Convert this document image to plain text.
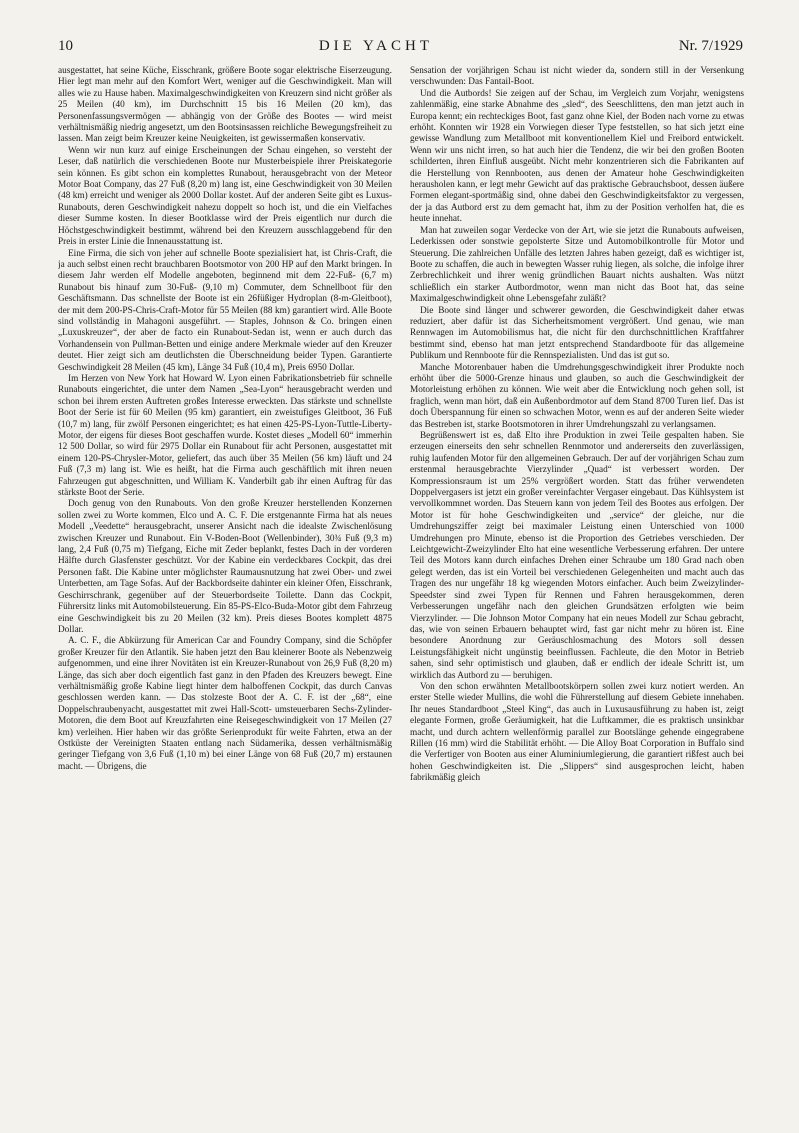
10	DIE YACHT	Nr. 7/1929

ausgestattet, hat seine Küche, Eisschrank, größere Boote sogar elektrische Eiserzeugung. Hier legt man mehr auf den Komfort Wert, weniger auf die Geschwindigkeit. Man will alles wie zu Hause haben. Maximalgeschwindigkeiten von Kreuzern sind nicht größer als 25 Meilen (40 km), im Durchschnitt 15 bis 16 Meilen (20 km), das Personenfassungsvermögen — abhängig von der Größe des Bootes — wird meist verhältnismäßig niedrig angesetzt, um den Bootsinsassen reichliche Bewegungsfreiheit zu lassen. Man zeigt beim Kreuzer keine Neuigkeiten, ist gewissermaßen konservativ.

Wenn wir nun kurz auf einige Erscheinungen der Schau eingehen, so versteht der Leser, daß natürlich die verschiedenen Boote nur Musterbeispiele ihrer Preiskategorie sein können. Es gibt schon ein komplettes Runabout, herausgebracht von der Meteor Motor Boat Company, das 27 Fuß (8,20 m) lang ist, eine Geschwindigkeit von 30 Meilen (48 km) erreicht und weniger als 2000 Dollar kostet. Auf der anderen Seite gibt es Luxus-Runabouts, deren Geschwindigkeit nahezu doppelt so hoch ist, und die ein Vielfaches dieser Summe kosten. In dieser Bootklasse wird der Preis eigentlich nur durch die Höchstgeschwindigkeit bestimmt, während bei den Kreuzern ausschlaggebend für den Preis in erster Linie die Innenausstattung ist.

Eine Firma, die sich von jeher auf schnelle Boote spezialisiert hat, ist Chris-Craft, die ja auch selbst einen recht brauchbaren Bootsmotor von 200 HP auf den Markt bringen. In diesem Jahr werden elf Modelle angeboten, beginnend mit dem 22-Fuß- (6,7 m) Runabout bis hinauf zum 30-Fuß- (9,10 m) Commuter, dem Schnellboot für den Geschäftsmann. Das schnellste der Boote ist ein 26füßiger Hydroplan (8-m-Gleitboot), der mit dem 200-PS-Chris-Craft-Motor für 55 Meilen (88 km) garantiert wird. Alle Boote sind vollständig in Mahagoni ausgeführt. — Staples, Johnson & Co. bringen einen „Luxuskreuzer“, der aber de facto ein Runabout-Sedan ist, wenn er auch durch das Vorhandensein von Pullman-Betten und einige andere Merkmale wieder auf den Kreuzer deutet. Hier zeigt sich am deutlichsten die Überschneidung beider Typen. Garantierte Geschwindigkeit 28 Meilen (45 km), Länge 34 Fuß (10,4 m), Preis 6950 Dollar.

Im Herzen von New York hat Howard W. Lyon einen Fabrikationsbetrieb für schnelle Runabouts eingerichtet, die unter dem Namen „Sea-Lyon“ herausgebracht werden und schon bei ihrem ersten Auftreten großes Interesse erweckten. Das stärkste und schnellste Boot der Serie ist für 60 Meilen (95 km) garantiert, ein zweistufiges Gleitboot, 36 Fuß (10,7 m) lang, für zwölf Personen eingerichtet; es hat einen 425-PS-Lyon-Tuttle-Liberty-Motor, der eigens für dieses Boot geschaffen wurde. Kostet dieses „Modell 60“ immerhin 12 500 Dollar, so wird für 2975 Dollar ein Runabout für acht Personen, ausgestattet mit einem 120-PS-Chrysler-Motor, geliefert, das auch über 35 Meilen (56 km) läuft und 24 Fuß (7,3 m) lang ist. Wie es heißt, hat die Firma auch geschäftlich mit ihren neuen Fahrzeugen gut abgeschnitten, und William K. Vanderbilt gab ihr einen Auftrag für das stärkste Boot der Serie.

Doch genug von den Runabouts. Von den große Kreuzer herstellenden Konzernen sollen zwei zu Worte kommen, Elco und A. C. F. Die erstgenannte Firma hat als neues Modell „Veedette“ herausgebracht, unserer Ansicht nach die idealste Zwischenlösung zwischen Kreuzer und Runabout. Ein V-Boden-Boot (Wellenbinder), 30¾ Fuß (9,3 m) lang, 2,4 Fuß (0,75 m) Tiefgang, Eiche mit Zeder beplankt, festes Dach in der vorderen Hälfte durch Glasfenster geschützt. Vor der Kabine ein verdeckbares Cockpit, das drei Personen faßt. Die Kabine unter möglichster Raumausnutzung hat zwei Ober- und zwei Unterbetten, am Tage Sofas. Auf der Backbordseite dahinter ein kleiner Ofen, Eisschrank, Geschirrschrank, gegenüber auf der Steuerbordseite Toilette. Dann das Cockpit, Führersitz links mit Automobilsteuerung. Ein 85-PS-Elco-Buda-Motor gibt dem Fahrzeug eine Geschwindigkeit bis zu 20 Meilen (32 km). Preis dieses Bootes komplett 4875 Dollar.

A. C. F., die Abkürzung für American Car and Foundry Company, sind die Schöpfer großer Kreuzer für den Atlantik. Sie haben jetzt den Bau kleinerer Boote als Nebenzweig aufgenommen, und eine ihrer Novitäten ist ein Kreuzer-Runabout von 26,9 Fuß (8,20 m) Länge, das sich aber doch eigentlich fast ganz in den Pfaden des Kreuzers bewegt. Eine verhältnismäßig große Kabine liegt hinter dem halboffenen Cockpit, das durch Canvas geschlossen werden kann. — Das stolzeste Boot der A. C. F. ist der „68“, eine Doppelschraubenyacht, ausgestattet mit zwei Hall-Scott- umsteuerbaren Sechs-Zylinder-Motoren, die dem Boot auf Kreuzfahrten eine Reisegeschwindigkeit von 17 Meilen (27 km) verleihen. Hier haben wir das größte Serienprodukt für weite Fahrten, etwa an der Ostküste der Vereinigten Staaten entlang nach Südamerika, dessen verhältnismäßig geringer Tiefgang von 3,6 Fuß (1,10 m) bei einer Länge von 68 Fuß (20,7 m) erstaunen macht. — Übrigens, die

Sensation der vorjährigen Schau ist nicht wieder da, sondern still in der Versenkung verschwunden: Das Fantail-Boot.

Und die Autbords! Sie zeigen auf der Schau, im Vergleich zum Vorjahr, wenigstens zahlenmäßig, eine starke Abnahme des „sled“, des Seeschlittens, den man jetzt auch in Europa kennt; ein rechteckiges Boot, fast ganz ohne Kiel, der Boden nach vorne zu etwas erhöht. Konnten wir 1928 ein Vorwiegen dieser Type feststellen, so hat sich jetzt eine gewisse Wandlung zum Metallboot mit konventionellem Kiel und Freibord entwickelt. Wenn wir uns nicht irren, so hat auch hier die Tendenz, die wir bei den großen Booten schilderten, ihren Einfluß ausgeübt. Nicht mehr konzentrieren sich die Fabrikanten auf die Herstellung von Rennbooten, aus denen der Amateur hohe Geschwindigkeiten herausholen kann, er legt mehr Gewicht auf das praktische Gebrauchsboot, dessen äußere Formen elegant-sportmäßig sind, ohne dabei den Geschwindigkeitsfaktor zu vergessen, der ja das Autbord erst zu dem gemacht hat, ihm zu der Position verholfen hat, die es heute innehat.

Man hat zuweilen sogar Verdecke von der Art, wie sie jetzt die Runabouts aufweisen, Lederkissen oder sonstwie gepolsterte Sitze und Automobilkontrolle für Motor und Steuerung. Die zahlreichen Unfälle des letzten Jahres haben gezeigt, daß es wichtiger ist, Boote zu schaffen, die auch in bewegten Wasser ruhig liegen, als solche, die infolge ihrer Zerbrechlichkeit und ihrer wenig gründlichen Bauart nichts aushalten. Was nützt schließlich ein starker Autbordmotor, wenn man nicht das Boot hat, das seine Maximalgeschwindigkeit ohne Lebensgefahr zuläßt?

Die Boote sind länger und schwerer geworden, die Geschwindigkeit daher etwas reduziert, aber dafür ist das Sicherheitsmoment vergrößert. Und genau, wie man Rennwagen im Automobilismus hat, die nicht für den durchschnittlichen Kraftfahrer bestimmt sind, ebenso hat man jetzt entsprechend Standardboote für das allgemeine Publikum und Rennboote für die Rennspezialisten. Und das ist gut so.

Manche Motorenbauer haben die Umdrehungsgeschwindigkeit ihrer Produkte noch erhöht über die 5000-Grenze hinaus und glauben, so auch die Geschwindigkeit der Motorleistung erhöhen zu können. Wie weit aber die Entwicklung noch gehen soll, ist fraglich, wenn man hört, daß ein Außenbordmotor auf dem Stand 8700 Turen lief. Das ist doch Überspannung für einen so schwachen Motor, wenn es auf der anderen Seite wieder das Bestreben ist, starke Bootsmotoren in ihrer Umdrehungszahl zu verlangsamen.

Begrüßenswert ist es, daß Elto ihre Produktion in zwei Teile gespalten haben. Sie erzeugen einerseits den sehr schnellen Rennmotor und andererseits den zuverlässigen, ruhig laufenden Motor für den allgemeinen Gebrauch. Der auf der vorjährigen Schau zum erstenmal herausgebrachte Vierzylinder „Quad“ ist verbessert worden. Der Kompressionsraum ist um 25% vergrößert worden. Statt das früher verwendeten Doppelvergasers ist jetzt ein großer vereinfachter Vergaser eingebaut. Das Kühlsystem ist vervollkommnet worden. Das Steuern kann von jedem Teil des Bootes aus erfolgen. Der Motor ist für hohe Geschwindigkeiten und „service“ der gleiche, nur die Umdrehungsziffer zeigt bei maximaler Leistung einen Unterschied von 1000 Umdrehungen pro Minute, ebenso ist die Proportion des Getriebes verschieden. Der Leichtgewicht-Zweizylinder Elto hat eine wesentliche Verbesserung erfahren. Der untere Teil des Motors kann durch einfaches Drehen einer Schraube um 180 Grad nach oben gelegt werden, das ist ein Vorteil bei verschiedenen Gelegenheiten und macht auch das Tragen des nur ungefähr 18 kg wiegenden Motors einfacher. Auch beim Zweizylinder-Speedster sind zwei Typen für Rennen und Fahren herausgekommen, deren Verbesserungen ungefähr nach den gleichen Grundsätzen erfolgten wie beim Vierzylinder. — Die Johnson Motor Company hat ein neues Modell zur Schau gebracht, das, wie von seinen Erbauern behauptet wird, fast gar nicht mehr zu hören ist. Eine besondere Anordnung zur Geräuschlosmachung des Motors soll dessen Leistungsfähigkeit nicht ungünstig beeinflussen. Fachleute, die den Motor in Betrieb sahen, sind sehr optimistisch und glauben, daß er endlich der ideale Schritt ist, um wirklich das Autbord zu — beruhigen.

Von den schon erwähnten Metallbootskörpern sollen zwei kurz notiert werden. An erster Stelle wieder Mullins, die wohl die Führerstellung auf diesem Gebiete innehaben. Ihr neues Standardboot „Steel King“, das auch in Luxusausführung zu haben ist, zeigt elegante Formen, große Geräumigkeit, hat die Luftkammer, die es praktisch unsinkbar macht, und durch achtern wellenförmig parallel zur Bootslänge gehende eingegrabene Rillen (16 mm) wird die Stabilität erhöht. — Die Alloy Boat Corporation in Buffalo sind die Verfertiger von Booten aus einer Aluminiumlegierung, die garantiert rißfest auch bei hohen Geschwindigkeiten ist. Die „Slippers“ sind ausgesprochen leicht, haben fabrikmäßig gleich
